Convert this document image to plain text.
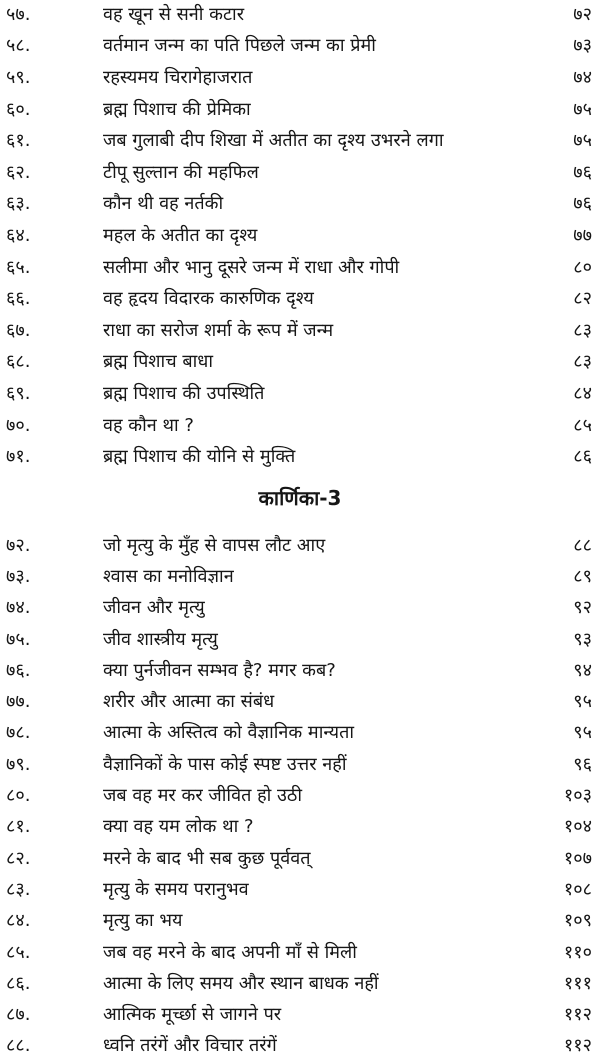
५७.	वह खून से सनी कटार	७२
५८.	वर्तमान जन्म का पति पिछले जन्म का प्रेमी	७३
५९.	रहस्यमय चिरागेहाजरात	७४
६०.	ब्रह्म पिशाच की प्रेमिका	७५
६१.	जब गुलाबी दीप शिखा में अतीत का दृश्य उभरने लगा	७५
६२.	टीपू सुल्तान की महफिल	७६
६३.	कौन थी वह नर्तकी	७६
६४.	महल के अतीत का दृश्य	७७
६५.	सलीमा और भानु दूसरे जन्म में राधा और गोपी	८०
६६.	वह हृदय विदारक कारुणिक दृश्य	८२
६७.	राधा का सरोज शर्मा के रूप में जन्म	८३
६८.	ब्रह्म पिशाच बाधा	८३
६९.	ब्रह्म पिशाच की उपस्थिति	८४
७०.	वह कौन था ?	८५
७१.	ब्रह्म पिशाच की योनि से मुक्ति	८६
कार्णिका-3
७२.	जो मृत्यु के मुँह से वापस लौट आए	८८
७३.	श्वास का मनोविज्ञान	८९
७४.	जीवन और मृत्यु	९२
७५.	जीव शास्त्रीय मृत्यु	९३
७६.	क्या पुर्नजीवन सम्भव है? मगर कब?	९४
७७.	शरीर और आत्मा का संबंध	९५
७८.	आत्मा के अस्तित्व को वैज्ञानिक मान्यता	९५
७९.	वैज्ञानिकों के पास कोई स्पष्ट उत्तर नहीं	९६
८०.	जब वह मर कर जीवित हो उठी	१०३
८१.	क्या वह यम लोक था ?	१०४
८२.	मरने के बाद भी सब कुछ पूर्ववत्	१०७
८३.	मृत्यु के समय परानुभव	१०८
८४.	मृत्यु का भय	१०९
८५.	जब वह मरने के बाद अपनी माँ से मिली	११०
८६.	आत्मा के लिए समय और स्थान बाधक नहीं	१११
८७.	आत्मिक मूर्च्छा से जागने पर	११२
८८.	ध्वनि तरंगें और विचार तरंगें	११२
